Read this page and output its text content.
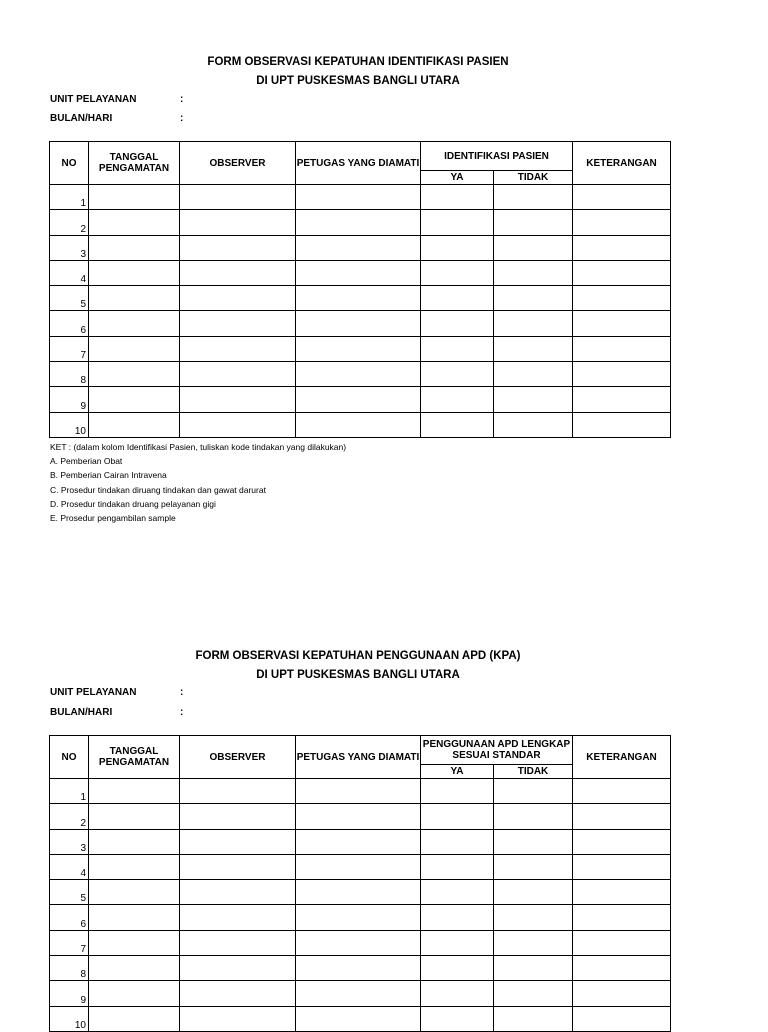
FORM OBSERVASI KEPATUHAN IDENTIFIKASI PASIEN
DI UPT PUSKESMAS BANGLI UTARA
UNIT PELAYANAN	:
BULAN/HARI	:
NO	TANGGAL PENGAMATAN	OBSERVER	PETUGAS YANG DIAMATI	IDENTIFIKASI PASIEN		KETERANGAN
				YA	TIDAK	
1						
2						
3						
4						
5						
6						
7						
8						
9						
10						
KET : (dalam kolom Identifikasi Pasien, tuliskan kode tindakan yang dilakukan)
A. Pemberian Obat
B. Pemberian Cairan Intravena
C. Prosedur tindakan diruang tindakan dan gawat darurat
D. Prosedur tindakan druang pelayanan gigi
E. Prosedur pengambilan sample
FORM OBSERVASI KEPATUHAN PENGGUNAAN APD (KPA)
DI UPT PUSKESMAS BANGLI UTARA
UNIT PELAYANAN	:
BULAN/HARI	:
NO	TANGGAL PENGAMATAN	OBSERVER	PETUGAS YANG DIAMATI	PENGGUNAAN APD LENGKAP SESUAI STANDAR		KETERANGAN
				YA	TIDAK	
1						
2						
3						
4						
5						
6						
7						
8						
9						
10						
